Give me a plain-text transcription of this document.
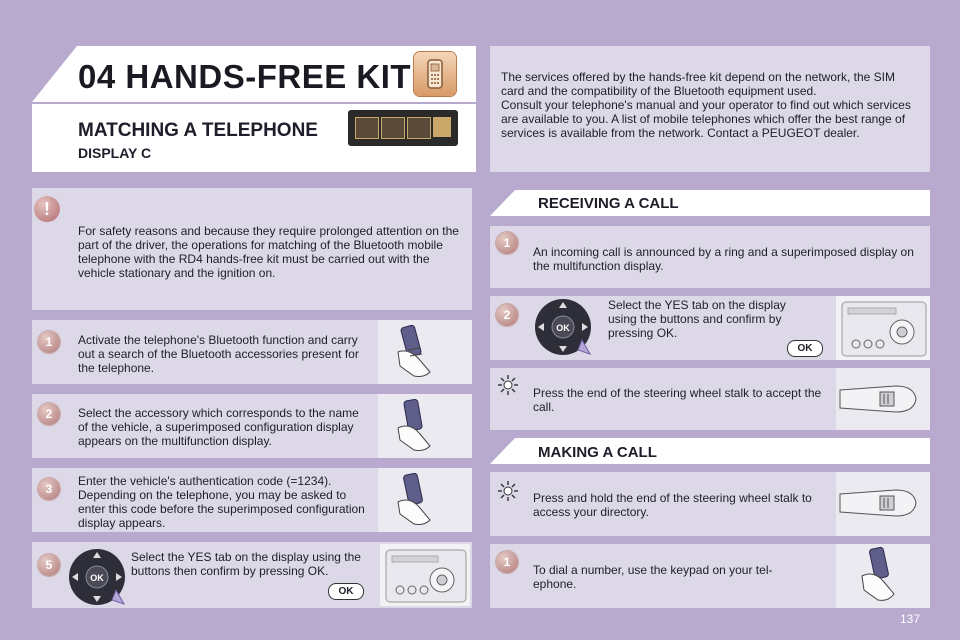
04 HANDS-FREE KIT
MATCHING A TELEPHONE
DISPLAY C
The services offered by the hands-free kit depend on the network, the SIM card and the compatibility of the Bluetooth equipment used.
Consult your telephone's manual and your operator to find out which services are available to you. A list of mobile telephones which offer the best range of services is available from the network. Contact a PEUGEOT dealer.
!
For safety reasons and because they require prolonged attention on the part of the driver, the operations for matching of the Bluetooth mobile telephone with the RD4 hands-free kit must be carried out with the vehicle stationary and the ignition on.
1	Activate the telephone's Bluetooth function and carry out a search of the Bluetooth accessories present for the telephone.
2	Select the accessory which corresponds to the name of the vehicle, a superimposed configuration display appears on the multifunction display.
3
Enter the vehicle's authentication code (=1234). Depending on the telephone, you may be asked to enter this code before the superimposed configuration display appears.
5
OK
Select the YES tab on the display using the buttons then confirm by pressing OK.
OK
RECEIVING A CALL
1
An incoming call is announced by a ring and a superimposed display on the multifunction display.
2
OK
Select the YES tab on the display using the buttons and confirm by pressing OK.
OK
Press the end of the steering wheel stalk to accept the call.
MAKING A CALL
Press and hold the end of the steering wheel stalk to access your directory.
1
To dial a number, use the keypad on your tel-ephone.
137
